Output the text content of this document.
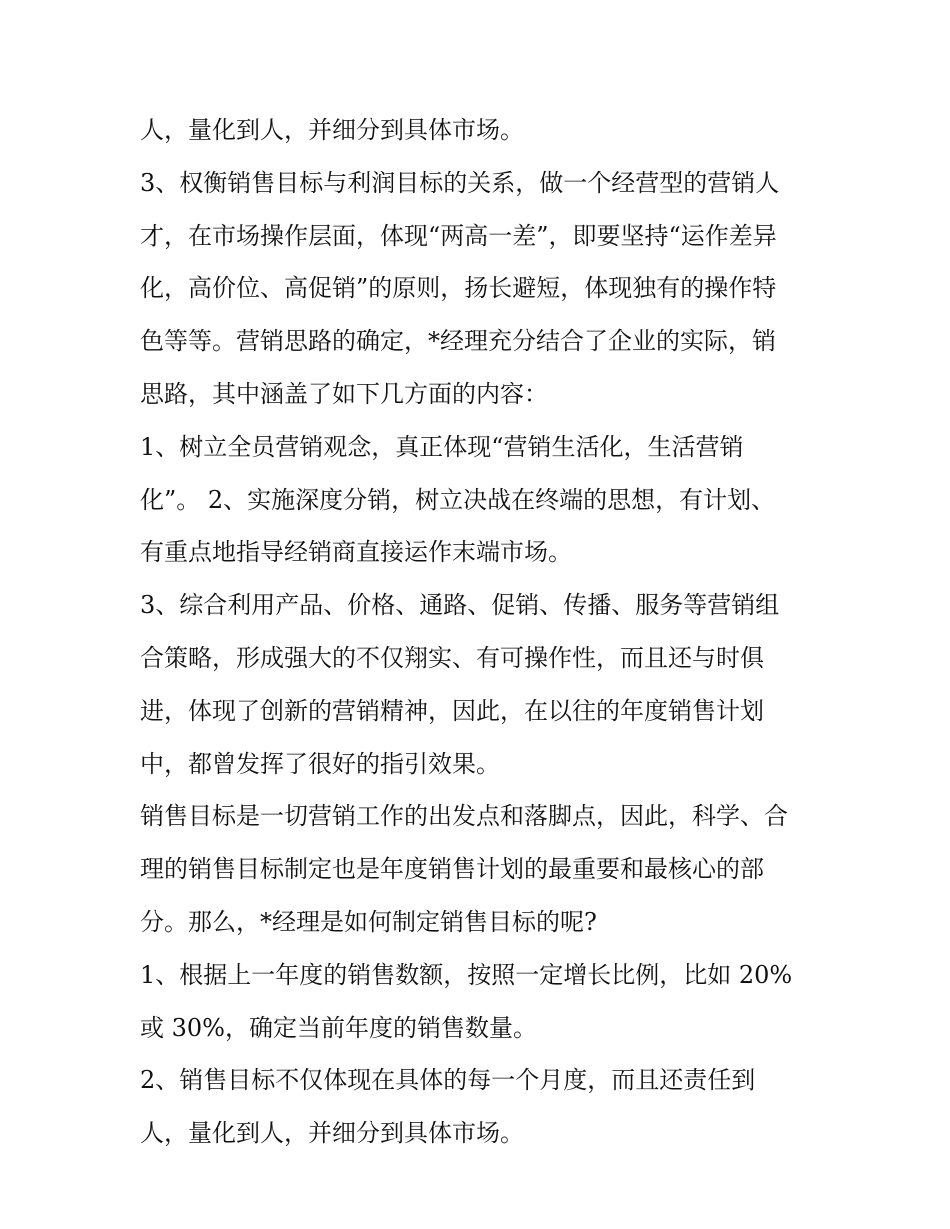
人，量化到人，并细分到具体市场。

3、权衡销售目标与利润目标的关系，做一个经营型的营销人

才，在市场操作层面，体现“两高一差”，即要坚持“运作差异

化，高价位、高促销”的原则，扬长避短，体现独有的操作特

色等等。营销思路的确定，*经理充分结合了企业的实际，销

思路，其中涵盖了如下几方面的内容：

1、树立全员营销观念，真正体现“营销生活化，生活营销

化”。 2、实施深度分销，树立决战在终端的思想，有计划、

有重点地指导经销商直接运作末端市场。

3、综合利用产品、价格、通路、促销、传播、服务等营销组

合策略，形成强大的不仅翔实、有可操作性，而且还与时俱

进，体现了创新的营销精神，因此，在以往的年度销售计划

中，都曾发挥了很好的指引效果。

销售目标是一切营销工作的出发点和落脚点，因此，科学、合

理的销售目标制定也是年度销售计划的最重要和最核心的部

分。那么，*经理是如何制定销售目标的呢?

1、根据上一年度的销售数额，按照一定增长比例，比如 20%

或 30%，确定当前年度的销售数量。

2、销售目标不仅体现在具体的每一个月度，而且还责任到

人，量化到人，并细分到具体市场。
